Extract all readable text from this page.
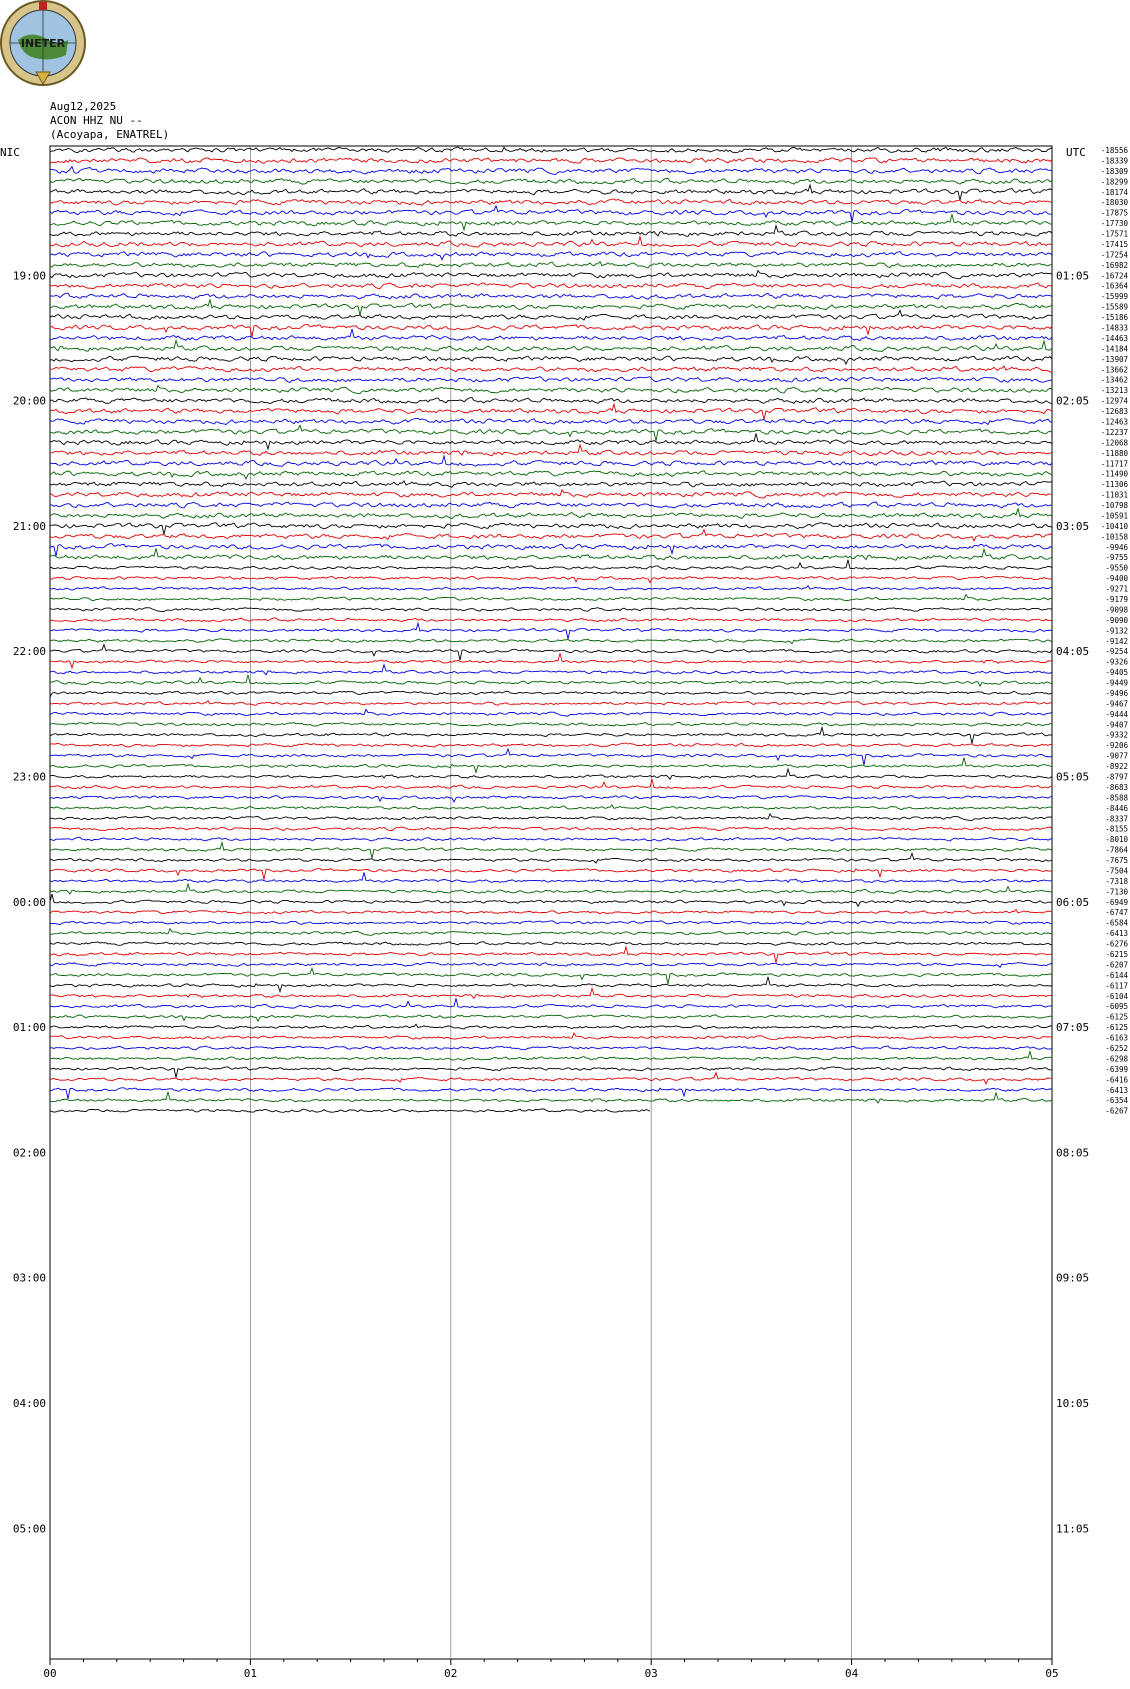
INETER
Aug12,2025
ACON HHZ NU --
(Acoyapa, ENATREL)
00	01	02	03	04	05
NIC	UTC
19:00
20:00
21:00
22:00
23:00
00:00
01:00
02:00
03:00
04:00
05:00
01:05
02:05
03:05
04:05
05:05
06:05
07:05
08:05
09:05
10:05
11:05
-18556
-18339
-18309
-18299
-18174
-18030
-17875
-17730
-17571
-17415
-17254
-16982
-16724
-16364
-15999
-15589
-15186
-14833
-14463
-14184
-13907
-13662
-13462
-13213
-12974
-12683
-12463
-12237
-12068
-11880
-11717
-11490
-11306
-11031
-10798
-10591
-10410
-10158
-9946
-9755
-9550
-9400
-9271
-9179
-9098
-9090
-9132
-9142
-9254
-9326
-9405
-9449
-9496
-9467
-9444
-9407
-9332
-9206
-9077
-8922
-8797
-8683
-8588
-8446
-8337
-8155
-8010
-7864
-7675
-7504
-7318
-7130
-6949
-6747
-6584
-6413
-6276
-6215
-6207
-6144
-6117
-6104
-6095
-6125
-6125
-6163
-6252
-6298
-6399
-6416
-6413
-6354
-6267
